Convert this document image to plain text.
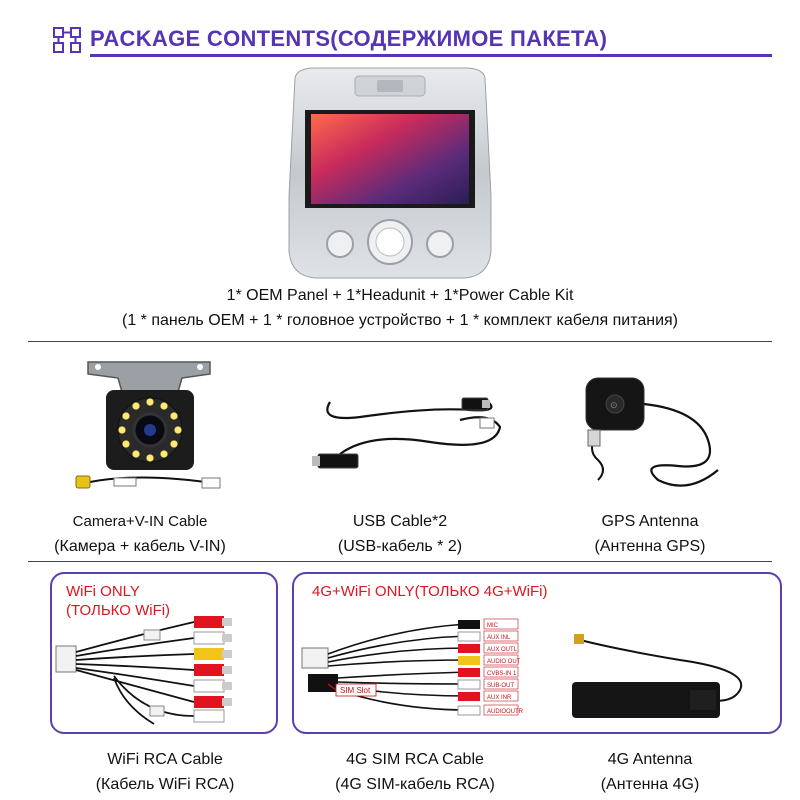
PACKAGE CONTENTS(СОДЕРЖИМОЕ ПАКЕТА)
1* OEM Panel + 1*Headunit + 1*Power Cable Kit
(1 * панель OEM + 1 * головное устройство + 1 * комплект кабеля питания)
⊙
Camera+V-IN Cable
(Камера + кабель V-IN)
USB Cable*2
(USB-кабель * 2)
GPS Antenna
(Антенна GPS)
WiFi ONLY
(ТОЛЬКО WiFi)
WiFi RCA Cable
(Кабель WiFi RCA)
4G+WiFi ONLY(ТОЛЬКО 4G+WiFi)
MIC
AUX INL
AUX OUTL
AUDIO OUT
CVBS-IN 1
SUB-OUT
AUX INR
AUDIOOUTR
SIM Slot
4G SIM RCA Cable
(4G SIM-кабель RCA)
4G Antenna
(Антенна 4G)
